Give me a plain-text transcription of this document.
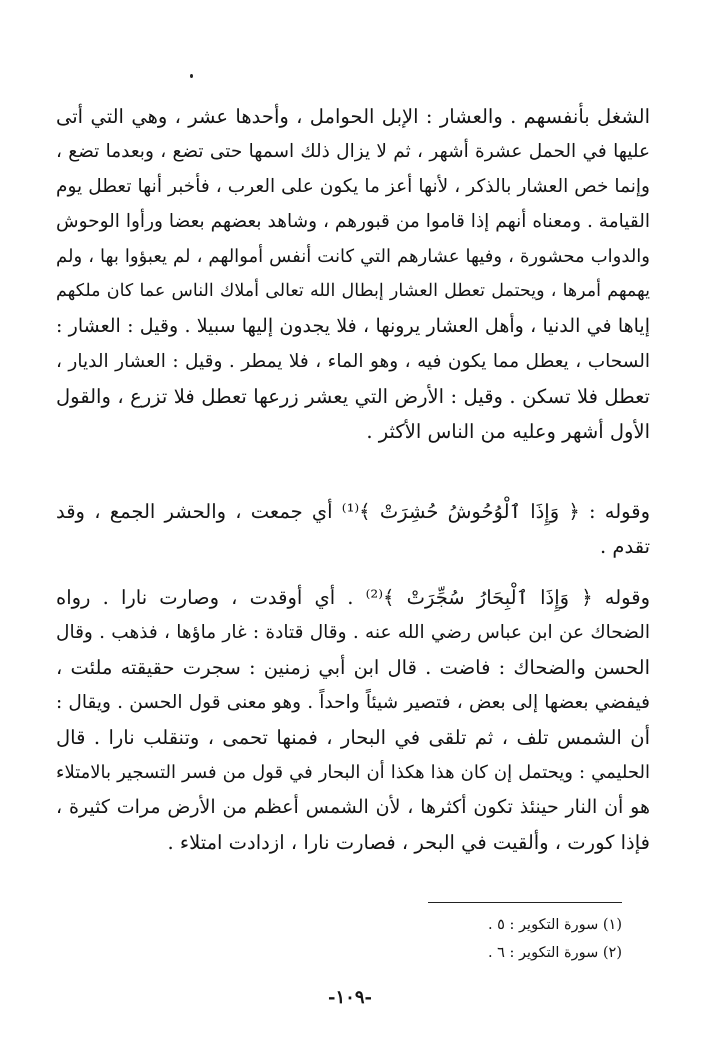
الشغل بأنفسهم . والعشار : الإبل الحوامل ، وأحدها عشر ، وهي التي أتى
عليها في الحمل عشرة أشهر ، ثم لا يزال ذلك اسمها حتى تضع ، وبعدما تضع ،
وإنما خص العشار بالذكر ، لأنها أعز ما يكون على العرب ، فأخبر أنها تعطل يوم
القيامة . ومعناه أنهم إذا قاموا من قبورهم ، وشاهد بعضهم بعضا ورأوا الوحوش
والدواب محشورة ، وفيها عشارهم التي كانت أنفس أموالهم ، لم يعبؤوا بها ، ولم
يهمهم أمرها ، ويحتمل تعطل العشار إبطال الله تعالى أملاك الناس عما كان ملكهم
إياها في الدنيا ، وأهل العشار يرونها ، فلا يجدون إليها سبيلا . وقيل : العشار :
السحاب ، يعطل مما يكون فيه ، وهو الماء ، فلا يمطر . وقيل : العشار الديار ،
تعطل فلا تسكن . وقيل : الأرض التي يعشر زرعها تعطل فلا تزرع ، والقول
الأول أشهر وعليه من الناس الأكثر .
وقوله : ﴿ وَإِذَا ٱلْوُحُوشُ حُشِرَتْ ﴾⁽¹⁾ أي جمعت ، والحشر الجمع ، وقد
تقدم .
وقوله ﴿ وَإِذَا ٱلْبِحَارُ سُجِّرَتْ ﴾⁽²⁾ . أي أوقدت ، وصارت نارا . رواه
الضحاك عن ابن عباس رضي الله عنه . وقال قتادة : غار ماؤها ، فذهب . وقال
الحسن والضحاك : فاضت . قال ابن أبي زمنين : سجرت حقيقته ملئت ،
فيفضي بعضها إلى بعض ، فتصير شيئاً واحداً . وهو معنى قول الحسن . ويقال :
أن الشمس تلف ، ثم تلقى في البحار ، فمنها تحمى ، وتنقلب نارا . قال
الحليمي : ويحتمل إن كان هذا هكذا أن البحار في قول من فسر التسجير بالامتلاء
هو أن النار حينئذ تكون أكثرها ، لأن الشمس أعظم من الأرض مرات كثيرة ،
فإذا كورت ، وألقيت في البحر ، فصارت نارا ، ازدادت امتلاء .
(١) سورة التكوير : ٥ .
(٢) سورة التكوير : ٦ .
-١٠٩-
